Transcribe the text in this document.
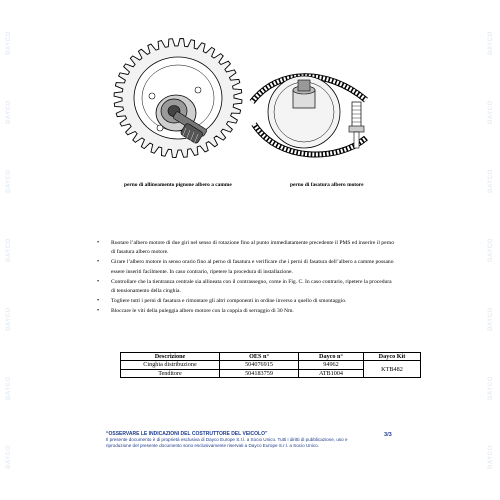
DAYCO
DAYCO
DAYCO
DAYCO
DAYCO
DAYCO
DAYCO
DAYCO
DAYCO
DAYCO
DAYCO
DAYCO
DAYCO
DAYCO
perno di allineamento pignone albero a camme	perno di fasatura albero motore
• Ruotare l’albero motore di due giri nel senso di rotazione fino al punto immediatamente precedente il PMS ed inserire il perno di fasatura albero motore.
• Girare l’albero motore in senso orario fino al perno di fasatura e verificare che i perni di fasatura dell’albero a camme possano essere inseriti facilmente. In caso contrario, ripetere la procedura di installazione.
• Controllare che la tientranza centrale sia allineata con il contrassegno, come in Fig. C. In caso contrario, ripetere la procedura di tensionamento della cinghia.
• Togliere tutti i perni di fasatura e rimontare gli altri componenti in ordine inverso a quello di smontaggio.
• Bloccare le viti della puleggia albero motore con la coppia di serraggio di 30 Nm.
Descrizione	OES n°	Dayco n°	Dayco Kit
Cinghia distribuzione	504076915	94962	KTB482
Tenditore	504183759	ATB1004	
“OSSERVARE LE INDICAZIONI DEL COSTRUTTORE DEL VEICOLO”
Il presente documento è di proprietà esclusiva di Dayco Europe S.r.l. a Socio Unico. Tutti i diritti di pubblicazione, uso e
riproduzione del presente documento sono esclusivamente riservati a Dayco Europe S.r.l. a Socio Unico.
3/3
